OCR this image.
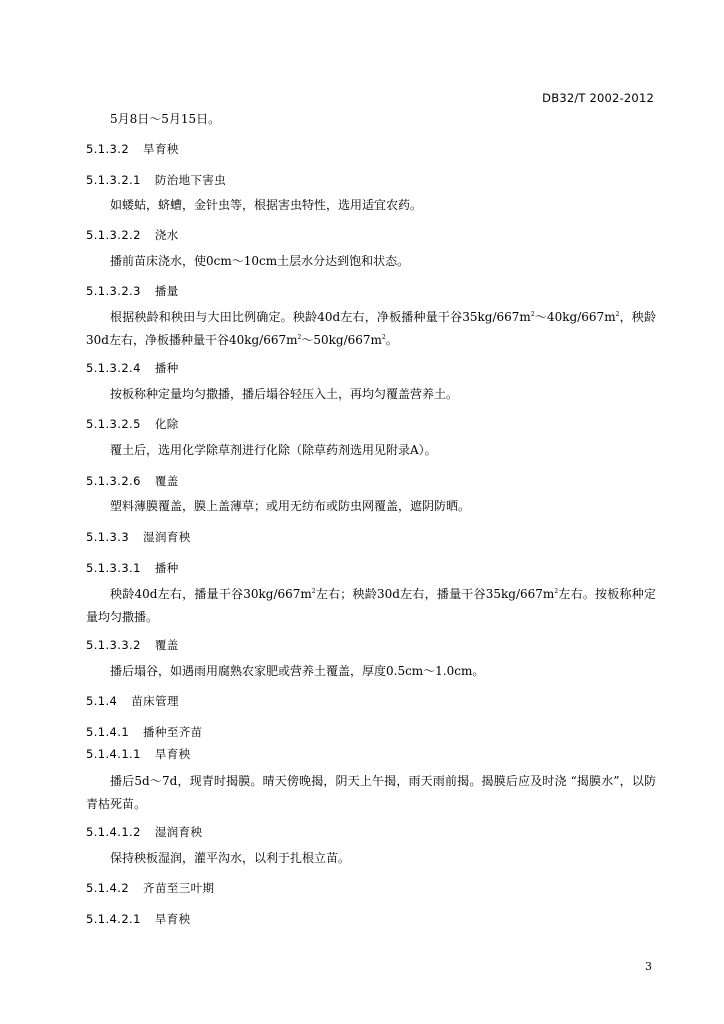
DB32/T 2002-2012
5月8日～5月15日。
5.1.3.2 旱育秧
5.1.3.2.1 防治地下害虫
如蝼蛄，蛴螬，金针虫等，根据害虫特性，选用适宜农药。
5.1.3.2.2 浇水
播前苗床浇水，使0cm～10cm土层水分达到饱和状态。
5.1.3.2.3 播量
根据秧龄和秧田与大田比例确定。秧龄40d左右，净板播种量干谷$35kg/667m^2\sim 40kg/667m^2$，秧龄30d左右，净板播种量干谷$40kg/667m^2\sim 50kg/667m^2$。
5.1.3.2.4 播种
按板称种定量均匀撒播，播后塌谷轻压入土，再均匀覆盖营养土。
5.1.3.2.5 化除
覆土后，选用化学除草剂进行化除（除草药剂选用见附录A）。
5.1.3.2.6 覆盖
塑料薄膜覆盖，膜上盖薄草；或用无纺布或防虫网覆盖，遮阴防晒。
5.1.3.3 湿润育秧
5.1.3.3.1 播种
秧龄40d左右，播量干谷$30kg/667m^2$左右；秧龄30d左右，播量干谷$35kg/667m^2$左右。按板称种定量均匀撒播。
5.1.3.3.2 覆盖
播后塌谷，如遇雨用腐熟农家肥或营养土覆盖，厚度0.5cm～1.0cm。
5.1.4 苗床管理
5.1.4.1 播种至齐苗
5.1.4.1.1 旱育秧
播后5d～7d，现青时揭膜。晴天傍晚揭，阴天上午揭，雨天雨前揭。揭膜后应及时浇 “揭膜水”，以防青枯死苗。
5.1.4.1.2 湿润育秧
保持秧板湿润，灌平沟水，以利于扎根立苗。
5.1.4.2 齐苗至三叶期
5.1.4.2.1 旱育秧
3
